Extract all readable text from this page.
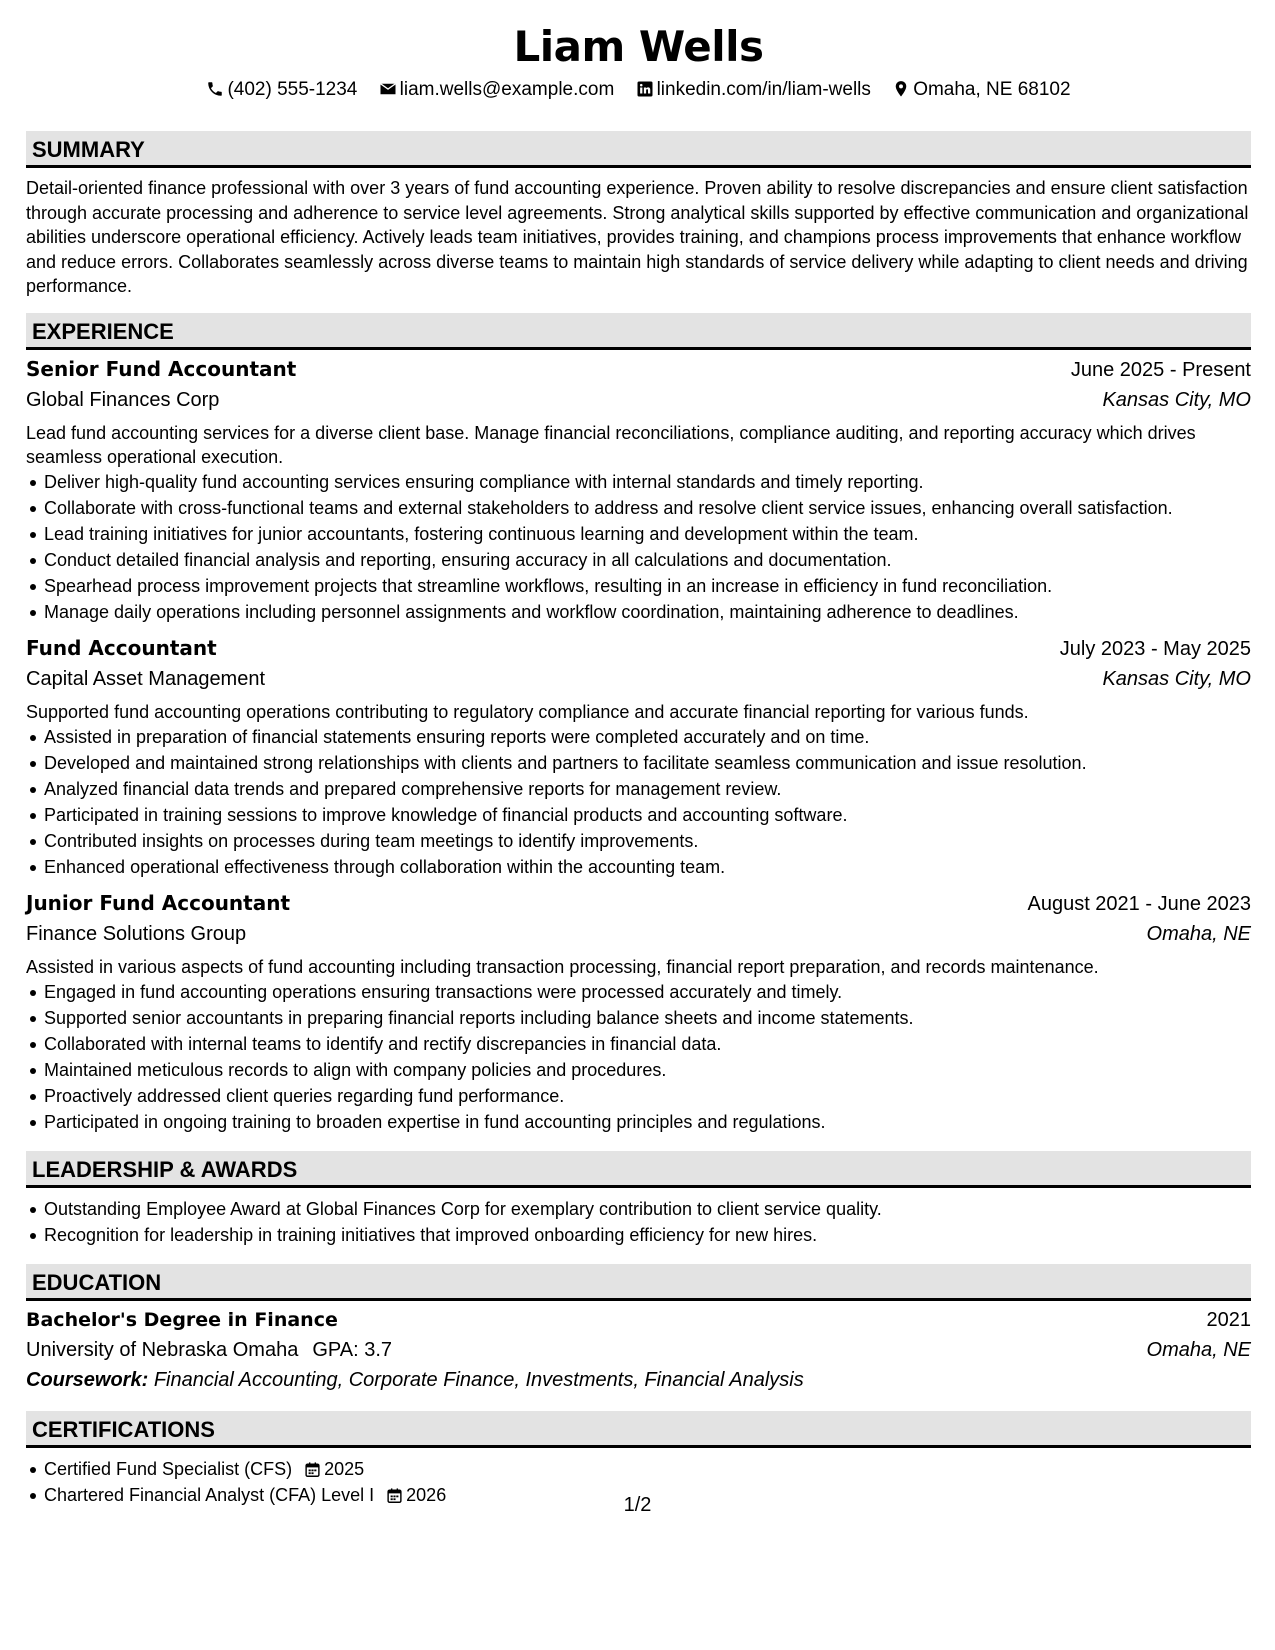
Liam Wells
(402) 555-1234 liam.wells@example.com linkedin.com/in/liam-wells Omaha, NE 68102
SUMMARY
Detail-oriented finance professional with over 3 years of fund accounting experience. Proven ability to resolve discrepancies and ensure client satisfaction through accurate processing and adherence to service level agreements. Strong analytical skills supported by effective communication and organizational abilities underscore operational efficiency. Actively leads team initiatives, provides training, and champions process improvements that enhance workflow and reduce errors. Collaborates seamlessly across diverse teams to maintain high standards of service delivery while adapting to client needs and driving performance.
EXPERIENCE
Senior Fund Accountant	June 2025 - Present
Global Finances Corp	Kansas City, MO
Lead fund accounting services for a diverse client base. Manage financial reconciliations, compliance auditing, and reporting accuracy which drives seamless operational execution.
Deliver high-quality fund accounting services ensuring compliance with internal standards and timely reporting.
Collaborate with cross-functional teams and external stakeholders to address and resolve client service issues, enhancing overall satisfaction.
Lead training initiatives for junior accountants, fostering continuous learning and development within the team.
Conduct detailed financial analysis and reporting, ensuring accuracy in all calculations and documentation.
Spearhead process improvement projects that streamline workflows, resulting in an increase in efficiency in fund reconciliation.
Manage daily operations including personnel assignments and workflow coordination, maintaining adherence to deadlines.
Fund Accountant	July 2023 - May 2025
Capital Asset Management	Kansas City, MO
Supported fund accounting operations contributing to regulatory compliance and accurate financial reporting for various funds.
Assisted in preparation of financial statements ensuring reports were completed accurately and on time.
Developed and maintained strong relationships with clients and partners to facilitate seamless communication and issue resolution.
Analyzed financial data trends and prepared comprehensive reports for management review.
Participated in training sessions to improve knowledge of financial products and accounting software.
Contributed insights on processes during team meetings to identify improvements.
Enhanced operational effectiveness through collaboration within the accounting team.
Junior Fund Accountant	August 2021 - June 2023
Finance Solutions Group	Omaha, NE
Assisted in various aspects of fund accounting including transaction processing, financial report preparation, and records maintenance.
Engaged in fund accounting operations ensuring transactions were processed accurately and timely.
Supported senior accountants in preparing financial reports including balance sheets and income statements.
Collaborated with internal teams to identify and rectify discrepancies in financial data.
Maintained meticulous records to align with company policies and procedures.
Proactively addressed client queries regarding fund performance.
Participated in ongoing training to broaden expertise in fund accounting principles and regulations.
LEADERSHIP & AWARDS
Outstanding Employee Award at Global Finances Corp for exemplary contribution to client service quality.
Recognition for leadership in training initiatives that improved onboarding efficiency for new hires.
EDUCATION
Bachelor's Degree in Finance	2021
University of Nebraska Omaha GPA: 3.7	Omaha, NE
Coursework: Financial Accounting, Corporate Finance, Investments, Financial Analysis
CERTIFICATIONS
Certified Fund Specialist (CFS) 2025
Chartered Financial Analyst (CFA) Level I 2026	1/2
